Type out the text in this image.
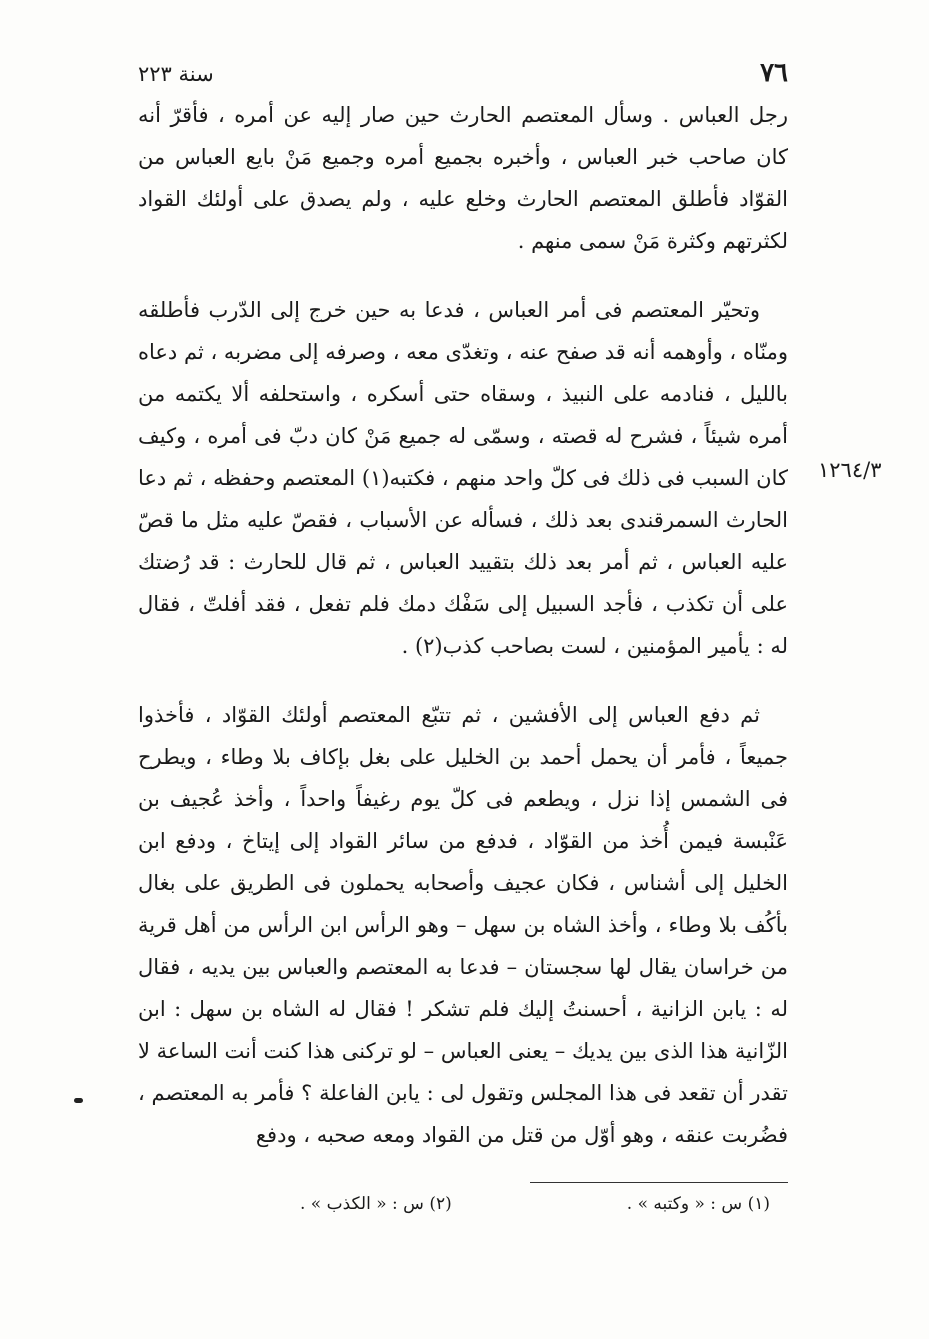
٧٦
سنة ٢٢٣
١٢٦٤/٣

رجل العباس . وسأل المعتصم الحارث حين صار إليه عن أمره ، فأقرّ أنه كان صاحب خبر العباس ، وأخبره بجميع أمره وجميع مَنْ بايع العباس من القوّاد فأطلق المعتصم الحارث وخلع عليه ، ولم يصدق على أولئك القواد لكثرتهم وكثرة مَنْ سمى منهم .

وتحيّر المعتصم فى أمر العباس ، فدعا به حين خرج إلى الدّرب فأطلقه ومنّاه ، وأوهمه أنه قد صفح عنه ، وتغدّى معه ، وصرفه إلى مضربه ، ثم دعاه بالليل ، فنادمه على النبيذ ، وسقاه حتى أسكره ، واستحلفه ألا يكتمه من أمره شيئاً ، فشرح له قصته ، وسمّى له جميع مَنْ كان دبّ فى أمره ، وكيف كان السبب فى ذلك فى كلّ واحد منهم ، فكتبه(١) المعتصم وحفظه ، ثم دعا الحارث السمرقندى بعد ذلك ، فسأله عن الأسباب ، فقصّ عليه مثل ما قصّ عليه العباس ، ثم أمر بعد ذلك بتقييد العباس ، ثم قال للحارث : قد رُضتك على أن تكذب ، فأجد السبيل إلى سَفْك دمك فلم تفعل ، فقد أفلتّ ، فقال له : يأمير المؤمنين ، لست بصاحب كذب(٢) .

ثم دفع العباس إلى الأفشين ، ثم تتبّع المعتصم أولئك القوّاد ، فأخذوا جميعاً ، فأمر أن يحمل أحمد بن الخليل على بغل بإكاف بلا وطاء ، ويطرح فى الشمس إذا نزل ، ويطعم فى كلّ يوم رغيفاً واحداً ، وأخذ عُجيف بن عَنْبسة فيمن أُخذ من القوّاد ، فدفع من سائر القواد إلى إيتاخ ، ودفع ابن الخليل إلى أشناس ، فكان عجيف وأصحابه يحملون فى الطريق على بغال بأكُف بلا وطاء ، وأخذ الشاه بن سهل – وهو الرأس ابن الرأس من أهل قرية من خراسان يقال لها سجستان – فدعا به المعتصم والعباس بين يديه ، فقال له : يابن الزانية ، أحسنتُ إليك فلم تشكر ! فقال له الشاه بن سهل : ابن الزّانية هذا الذى بين يديك – يعنى العباس – لو تركنى هذا كنت أنت الساعة لا تقدر أن تقعد فى هذا المجلس وتقول لى : يابن الفاعلة ؟ فأمر به المعتصم ، فضُربت عنقه ، وهو أوّل من قتل من القواد ومعه صحبه ، ودفع

(١) س : « وكتبه » .
(٢) س : « الكذب » .
